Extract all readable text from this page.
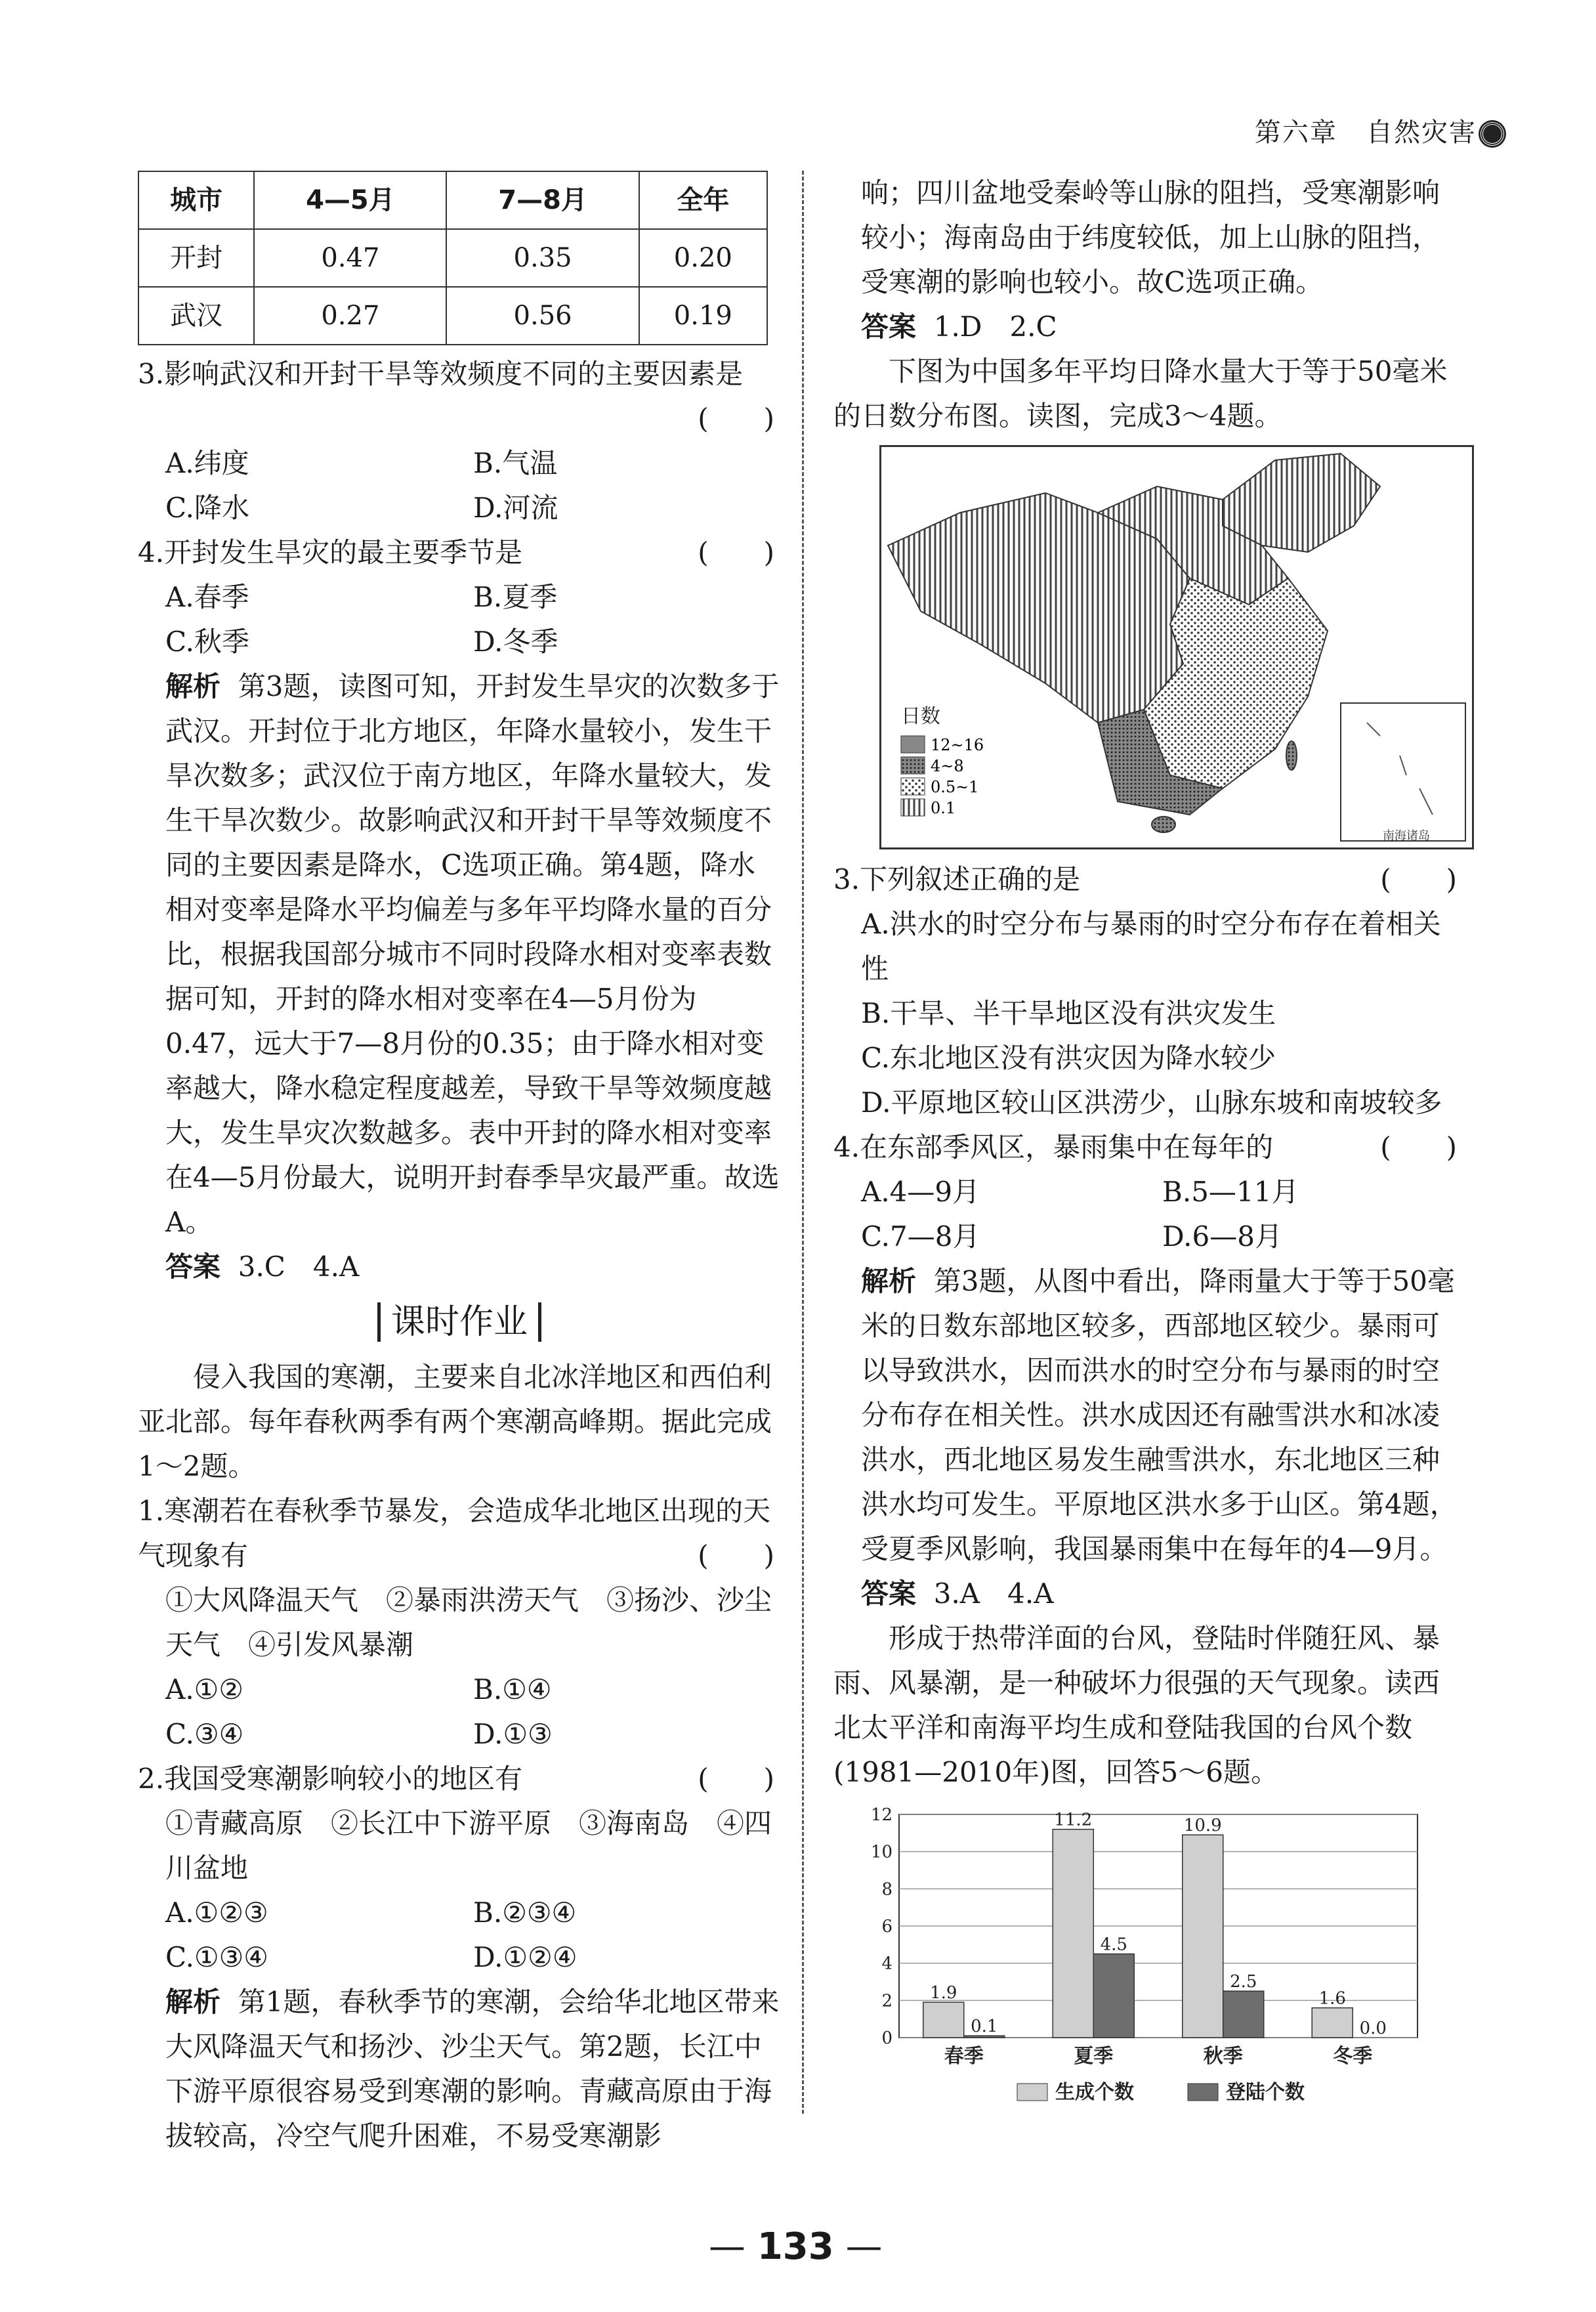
第六章 自然灾害
城市	4—5月	7—8月	全年
开封	0.47	0.35	0.20
武汉	0.27	0.56	0.19

3.影响武汉和开封干旱等效频度不同的主要因素是

(　　)

A.纬度	B.气温
C.降水	D.河流

4.开封发生旱灾的最主要季节是	(　　)

A.春季	B.夏季
C.秋季	D.冬季

解析 第3题，读图可知，开封发生旱灾的次数多于武汉。开封位于北方地区，年降水量较小，发生干旱次数多；武汉位于南方地区，年降水量较大，发生干旱次数少。故影响武汉和开封干旱等效频度不同的主要因素是降水，C选项正确。第4题，降水相对变率是降水平均偏差与多年平均降水量的百分比，根据我国部分城市不同时段降水相对变率表数据可知，开封的降水相对变率在4—5月份为0.47，远大于7—8月份的0.35；由于降水相对变率越大，降水稳定程度越差，导致干旱等效频度越大，发生旱灾次数越多。表中开封的降水相对变率在4—5月份最大，说明开封春季旱灾最严重。故选A。

答案 3.C　4.A

课时作业

侵入我国的寒潮，主要来自北冰洋地区和西伯利亚北部。每年春秋两季有两个寒潮高峰期。据此完成1～2题。

1.寒潮若在春秋季节暴发，会造成华北地区出现的天气现象有	(　　)

①大风降温天气　②暴雨洪涝天气　③扬沙、沙尘天气　④引发风暴潮

A.①②	B.①④
C.③④	D.①③

2.我国受寒潮影响较小的地区有	(　　)

①青藏高原　②长江中下游平原　③海南岛　④四川盆地

A.①②③	B.②③④
C.①③④	D.①②④

解析 第1题，春秋季节的寒潮，会给华北地区带来大风降温天气和扬沙、沙尘天气。第2题，长江中下游平原很容易受到寒潮的影响。青藏高原由于海拔较高，冷空气爬升困难，不易受寒潮影

响；四川盆地受秦岭等山脉的阻挡，受寒潮影响较小；海南岛由于纬度较低，加上山脉的阻挡，受寒潮的影响也较小。故C选项正确。

答案 1.D　2.C

下图为中国多年平均日降水量大于等于50毫米的日数分布图。读图，完成3～4题。

南海诸岛
日数
12~16
4~8
0.5~1
0.1

3.下列叙述正确的是	(　　)

A.洪水的时空分布与暴雨的时空分布存在着相关性

B.干旱、半干旱地区没有洪灾发生

C.东北地区没有洪灾因为降水较少

D.平原地区较山区洪涝少，山脉东坡和南坡较多

4.在东部季风区，暴雨集中在每年的	(　　)

A.4—9月	B.5—11月
C.7—8月	D.6—8月

解析 第3题，从图中看出，降雨量大于等于50毫米的日数东部地区较多，西部地区较少。暴雨可以导致洪水，因而洪水的时空分布与暴雨的时空分布存在相关性。洪水成因还有融雪洪水和冰凌洪水，西北地区易发生融雪洪水，东北地区三种洪水均可发生。平原地区洪水多于山区。第4题，受夏季风影响，我国暴雨集中在每年的4—9月。

答案 3.A　4.A

形成于热带洋面的台风，登陆时伴随狂风、暴雨、风暴潮，是一种破坏力很强的天气现象。读西北太平洋和南海平均生成和登陆我国的台风个数(1981—2010年)图，回答5～6题。

0
2
4
6
8
10
12
1.9
0.1
春季
11.2
4.5
夏季
10.9
2.5
秋季
1.6
0.0
冬季
生成个数	登陆个数
— 133 —
